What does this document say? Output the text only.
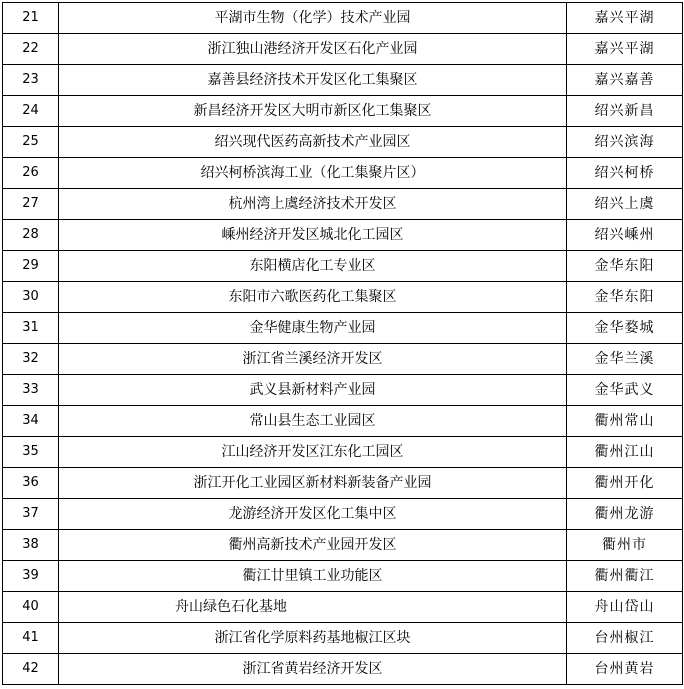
21	平湖市生物（化学）技术产业园	嘉兴平湖
22	浙江独山港经济开发区石化产业园	嘉兴平湖
23	嘉善县经济技术开发区化工集聚区	嘉兴嘉善
24	新昌经济开发区大明市新区化工集聚区	绍兴新昌
25	绍兴现代医药高新技术产业园区	绍兴滨海
26	绍兴柯桥滨海工业（化工集聚片区）	绍兴柯桥
27	杭州湾上虞经济技术开发区	绍兴上虞
28	嵊州经济开发区城北化工园区	绍兴嵊州
29	东阳横店化工专业区	金华东阳
30	东阳市六歌医药化工集聚区	金华东阳
31	金华健康生物产业园	金华婺城
32	浙江省兰溪经济开发区	金华兰溪
33	武义县新材料产业园	金华武义
34	常山县生态工业园区	衢州常山
35	江山经济开发区江东化工园区	衢州江山
36	浙江开化工业园区新材料新装备产业园	衢州开化
37	龙游经济开发区化工集中区	衢州龙游
38	衢州高新技术产业园开发区	衢州市
39	衢江廿里镇工业功能区	衢州衢江
40	舟山绿色石化基地	舟山岱山
41	浙江省化学原料药基地椒江区块	台州椒江
42	浙江省黄岩经济开发区	台州黄岩
